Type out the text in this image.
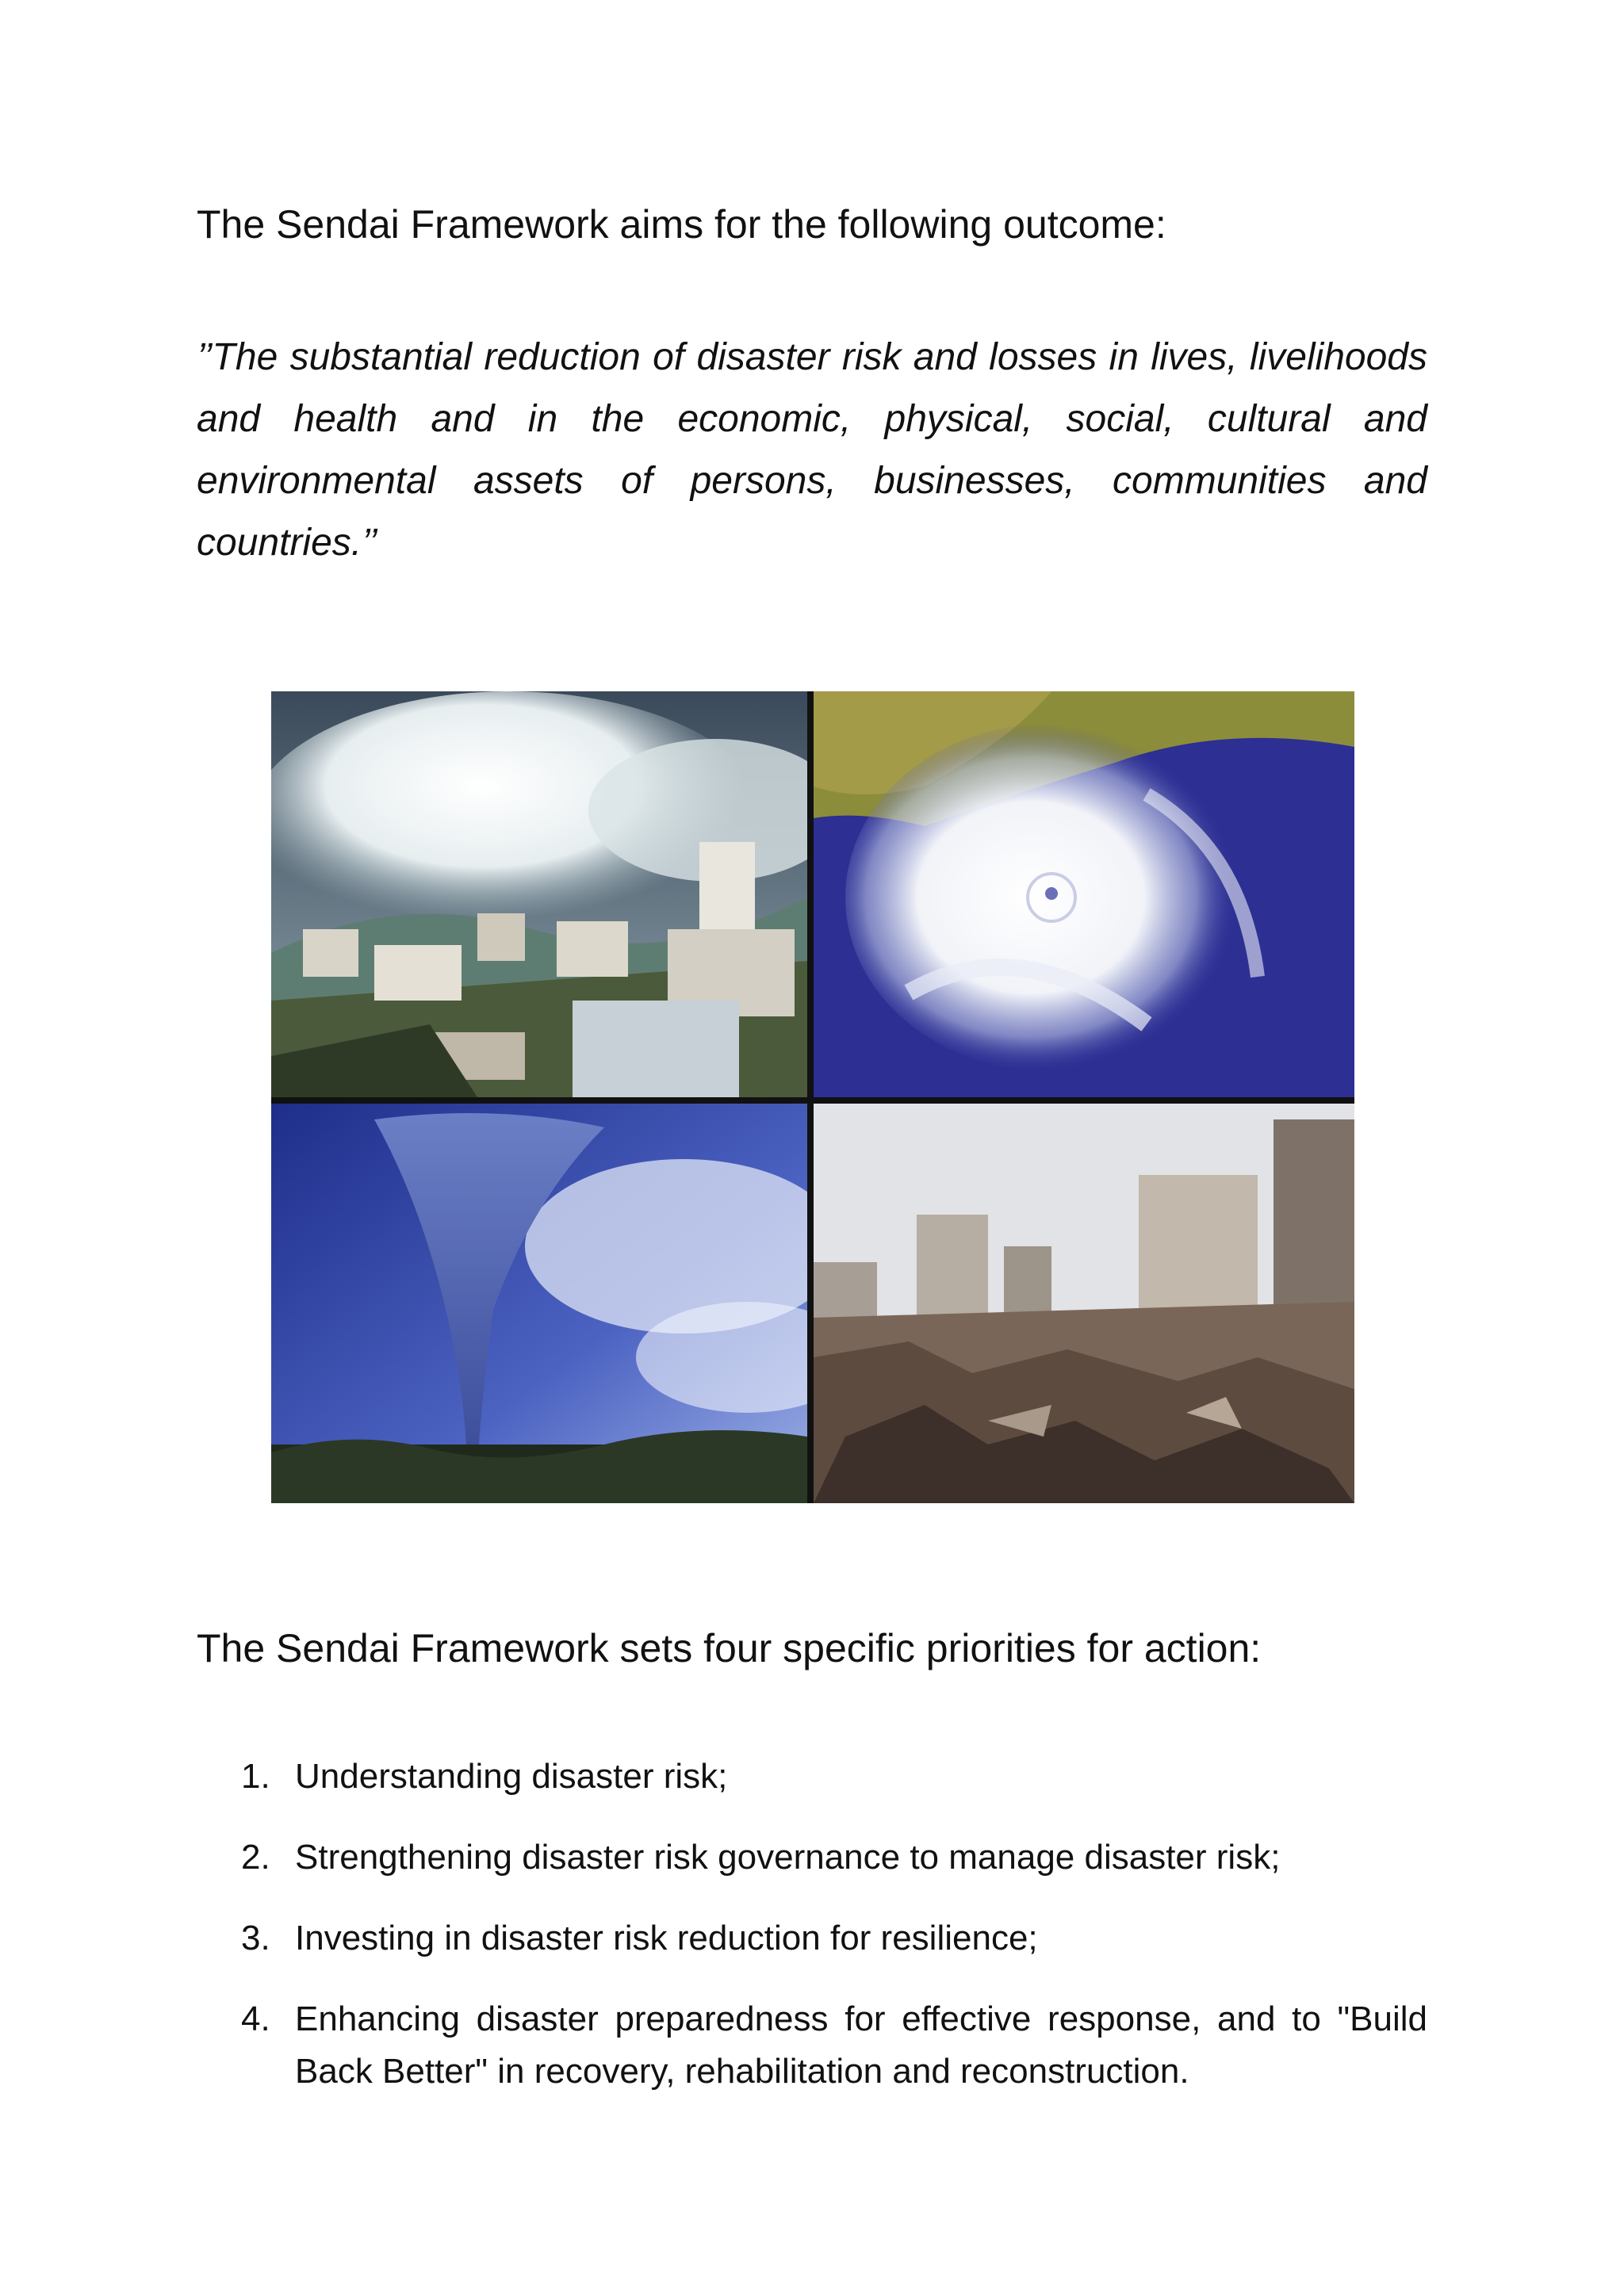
The Sendai Framework aims for the following outcome:

’’The substantial reduction of disaster risk and losses in lives, livelihoods and health and in the economic, physical, social, cultural and environmental assets of persons, businesses, communities and countries.’’

The Sendai Framework sets four specific priorities for action:

1. Understanding disaster risk;
2. Strengthening disaster risk governance to manage disaster risk;
3. Investing in disaster risk reduction for resilience;
4. Enhancing disaster preparedness for effective response, and to "Build Back Better" in recovery, rehabilitation and reconstruction.
